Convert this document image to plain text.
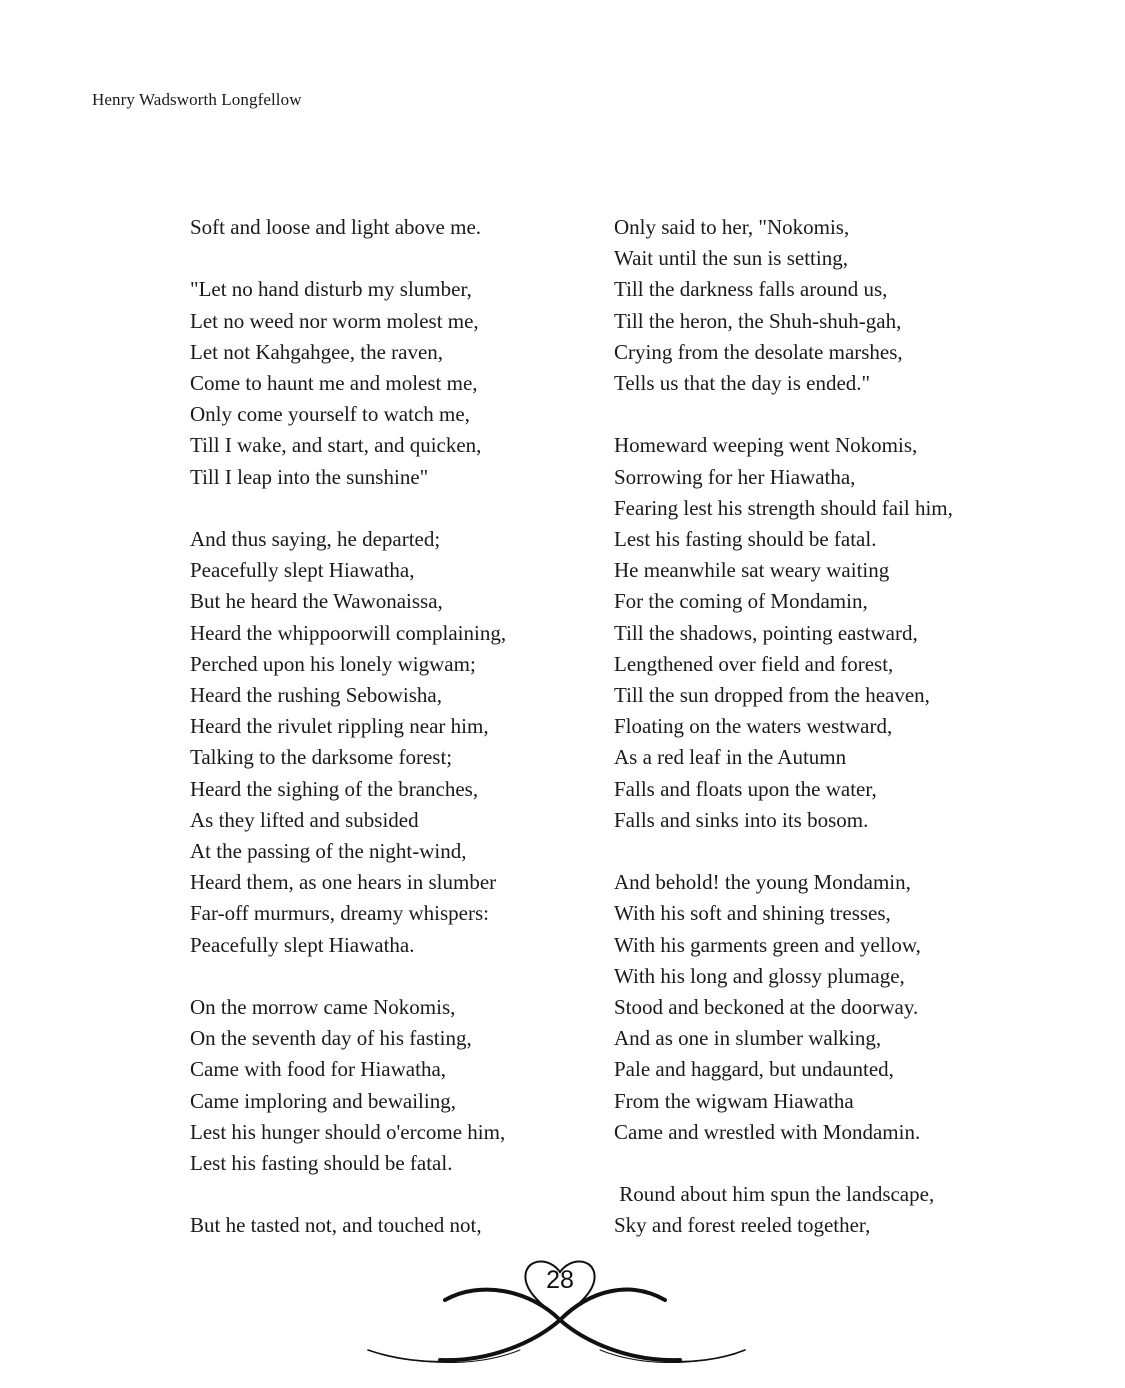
Henry Wadsworth Longfellow
Soft and loose and light above me.
"Let no hand disturb my slumber,
Let no weed nor worm molest me,
Let not Kahgahgee, the raven,
Come to haunt me and molest me,
Only come yourself to watch me,
Till I wake, and start, and quicken,
Till I leap into the sunshine"
And thus saying, he departed;
Peacefully slept Hiawatha,
But he heard the Wawonaissa,
Heard the whippoorwill complaining,
Perched upon his lonely wigwam;
Heard the rushing Sebowisha,
Heard the rivulet rippling near him,
Talking to the darksome forest;
Heard the sighing of the branches,
As they lifted and subsided
At the passing of the night-wind,
Heard them, as one hears in slumber
Far-off murmurs, dreamy whispers:
Peacefully slept Hiawatha.
On the morrow came Nokomis,
On the seventh day of his fasting,
Came with food for Hiawatha,
Came imploring and bewailing,
Lest his hunger should o'ercome him,
Lest his fasting should be fatal.
But he tasted not, and touched not,
Only said to her, "Nokomis,
Wait until the sun is setting,
Till the darkness falls around us,
Till the heron, the Shuh-shuh-gah,
Crying from the desolate marshes,
Tells us that the day is ended."
Homeward weeping went Nokomis,
Sorrowing for her Hiawatha,
Fearing lest his strength should fail him,
Lest his fasting should be fatal.
He meanwhile sat weary waiting
For the coming of Mondamin,
Till the shadows, pointing eastward,
Lengthened over field and forest,
Till the sun dropped from the heaven,
Floating on the waters westward,
As a red leaf in the Autumn
Falls and floats upon the water,
Falls and sinks into its bosom.
And behold! the young Mondamin,
With his soft and shining tresses,
With his garments green and yellow,
With his long and glossy plumage,
Stood and beckoned at the doorway.
And as one in slumber walking,
Pale and haggard, but undaunted,
From the wigwam Hiawatha
Came and wrestled with Mondamin.
Round about him spun the landscape,
Sky and forest reeled together,
28
